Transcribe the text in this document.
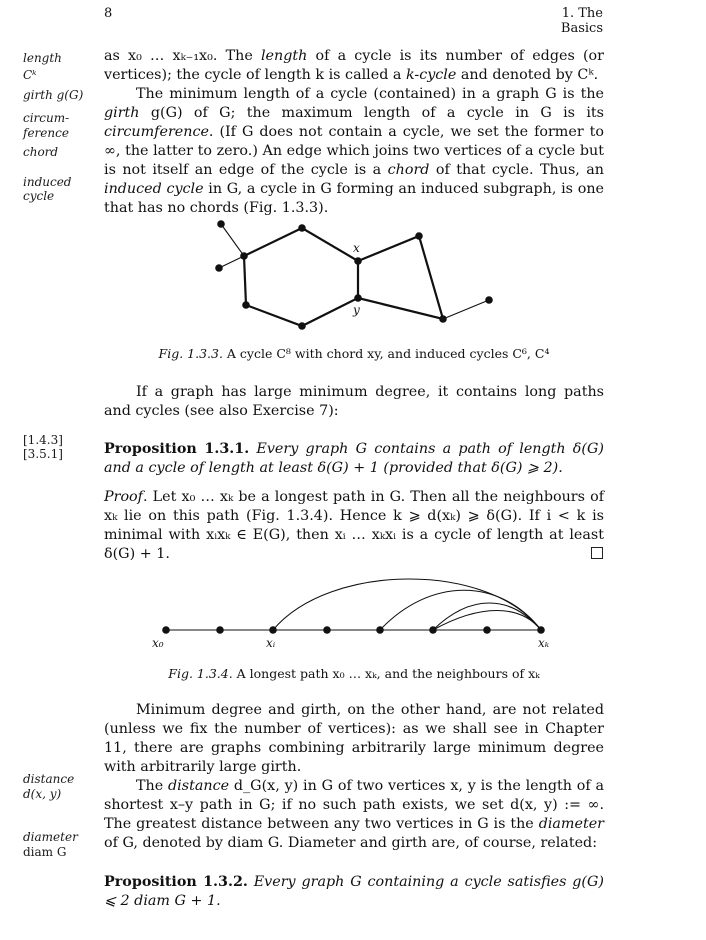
8	1. The Basics
length
Cᵏ
girth g(G)
circum-
ference
chord
induced
cycle
[1.4.3]
[3.5.1]
distance
d(x, y)
diameter
diam G
as x₀ … xₖ₋₁x₀. The length of a cycle is its number of edges (or vertices); the cycle of length k is called a k-cycle and denoted by Cᵏ.
The minimum length of a cycle (contained) in a graph G is the girth g(G) of G; the maximum length of a cycle in G is its circumference. (If G does not contain a cycle, we set the former to ∞, the latter to zero.) An edge which joins two vertices of a cycle but is not itself an edge of the cycle is a chord of that cycle. Thus, an induced cycle in G, a cycle in G forming an induced subgraph, is one that has no chords (Fig. 1.3.3).
x
y
Fig. 1.3.3. A cycle C⁸ with chord xy, and induced cycles C⁶, C⁴
If a graph has large minimum degree, it contains long paths and cycles (see also Exercise 7):
Proposition 1.3.1. Every graph G contains a path of length δ(G) and a cycle of length at least δ(G) + 1 (provided that δ(G) ⩾ 2).
Proof. Let x₀ … xₖ be a longest path in G. Then all the neighbours of xₖ lie on this path (Fig. 1.3.4). Hence k ⩾ d(xₖ) ⩾ δ(G). If i < k is minimal with xᵢxₖ ∈ E(G), then xᵢ … xₖxᵢ is a cycle of length at least δ(G) + 1.
x₀	xᵢ	xₖ
Fig. 1.3.4. A longest path x₀ … xₖ, and the neighbours of xₖ
Minimum degree and girth, on the other hand, are not related (unless we fix the number of vertices): as we shall see in Chapter 11, there are graphs combining arbitrarily large minimum degree with arbitrarily large girth.
The distance d_G(x, y) in G of two vertices x, y is the length of a shortest x–y path in G; if no such path exists, we set d(x, y) := ∞. The greatest distance between any two vertices in G is the diameter of G, denoted by diam G. Diameter and girth are, of course, related:
Proposition 1.3.2. Every graph G containing a cycle satisfies g(G) ⩽ 2 diam G + 1.
